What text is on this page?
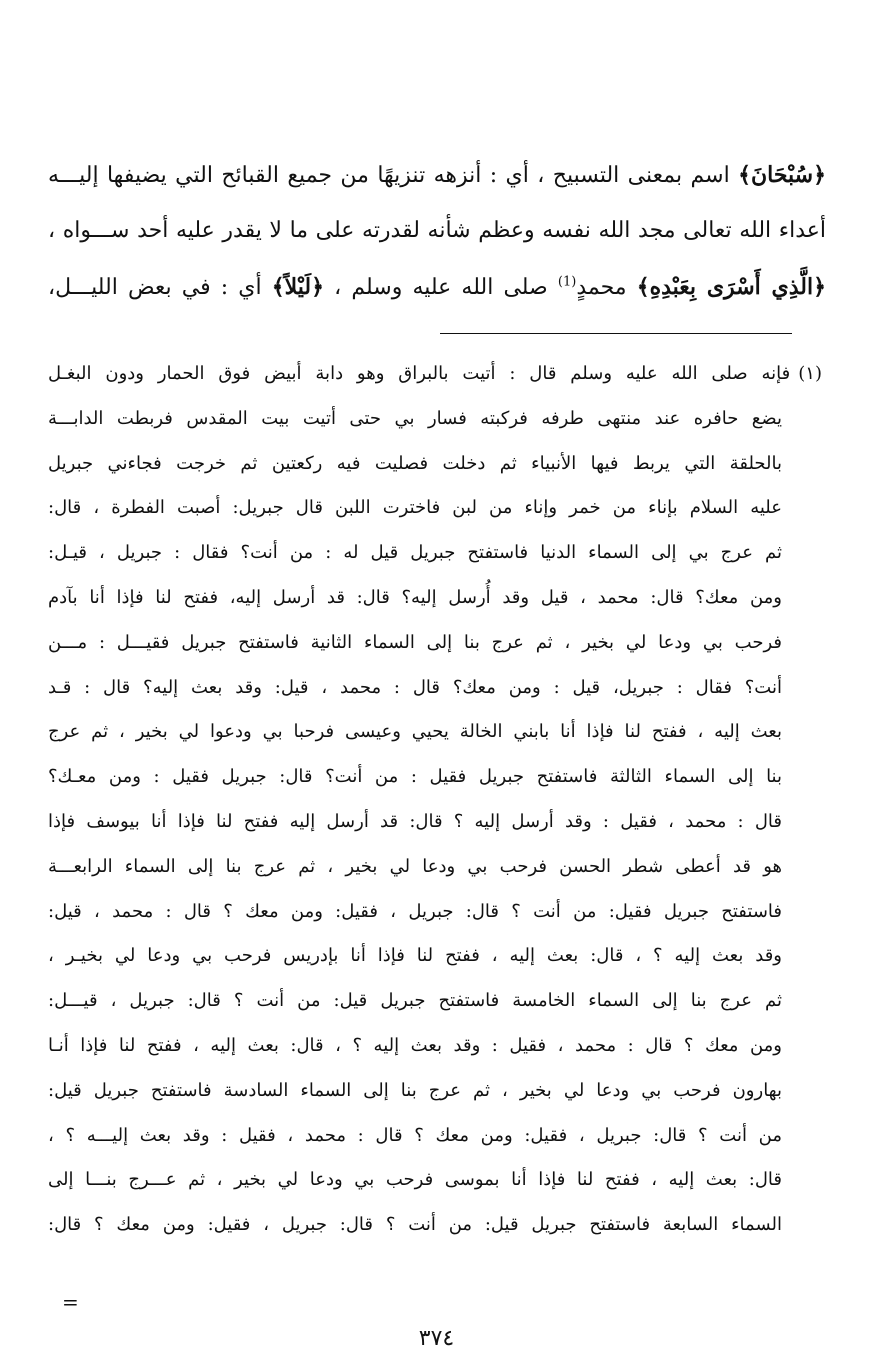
﴿سُبْحَانَ﴾ اسم بمعنى التسبيح ، أي : أنزهه تنزيهًا من جميع القبائح التي يضيفها إليـــه
أعداء الله تعالى مجد الله نفسه وعظم شأنه لقدرته على ما لا يقدر عليه أحد ســـواه ،
﴿الَّذِي أَسْرَى بِعَبْدِهِ﴾ محمدٍ$^{(1)}$ صلى الله عليه وسلم ، ﴿لَيْلاً﴾ أي : في بعض الليـــل،
(١)فإنه صلى الله عليه وسلم قال : أتيت بالبراق وهو دابة أبيض فوق الحمار ودون البغـل
يضع حافره عند منتهى طرفه فركبته فسار بي حتى أتيت بيت المقدس فربطت الدابـــة
بالحلقة التي يربط فيها الأنبياء ثم دخلت فصليت فيه ركعتين ثم خرجت فجاءني جبريل
عليه السلام بإناء من خمر وإناء من لبن فاخترت اللبن قال جبريل: أصبت الفطرة ، قال:
ثم عرج بي إلى السماء الدنيا فاستفتح جبريل قيل له : من أنت؟ فقال : جبريل ، قيـل:
ومن معك؟ قال: محمد ، قيل وقد أُرسل إليه؟ قال: قد أرسل إليه، ففتح لنا فإذا أنا بآدم
فرحب بي ودعا لي بخير ، ثم عرج بنا إلى السماء الثانية فاستفتح جبريل فقيـــل : مـــن
أنت؟ فقال : جبريل، قيل : ومن معك؟ قال : محمد ، قيل: وقد بعث إليه؟ قال : قـد
بعث إليه ، ففتح لنا فإذا أنا بابني الخالة يحيي وعيسى فرحبا بي ودعوا لي بخير ، ثم عرج
بنا إلى السماء الثالثة فاستفتح جبريل فقيل : من أنت؟ قال: جبريل فقيل : ومن معـك؟
قال : محمد ، فقيل : وقد أرسل إليه ؟ قال: قد أرسل إليه ففتح لنا فإذا أنا بيوسف فإذا
هو قد أعطى شطر الحسن فرحب بي ودعا لي بخير ، ثم عرج بنا إلى السماء الرابعـــة
فاستفتح جبريل فقيل: من أنت ؟ قال: جبريل ، فقيل: ومن معك ؟ قال : محمد ، قيل:
وقد بعث إليه ؟ ، قال: بعث إليه ، ففتح لنا فإذا أنا بإدريس فرحب بي ودعا لي بخيـر ،
ثم عرج بنا إلى السماء الخامسة فاستفتح جبريل قيل: من أنت ؟ قال: جبريل ، قيـــل:
ومن معك ؟ قال : محمد ، فقيل : وقد بعث إليه ؟ ، قال: بعث إليه ، ففتح لنا فإذا أنـا
بهارون فرحب بي ودعا لي بخير ، ثم عرج بنا إلى السماء السادسة فاستفتح جبريل قيل:
من أنت ؟ قال: جبريل ، فقيل: ومن معك ؟ قال : محمد ، فقيل : وقد بعث إليـــه ؟ ،
قال: بعث إليه ، ففتح لنا فإذا أنا بموسى فرحب بي ودعا لي بخير ، ثم عـــرج بنـــا إلى
السماء السابعة فاستفتح جبريل قيل: من أنت ؟ قال: جبريل ، فقيل: ومن معك ؟ قال:
=
٣٧٤
